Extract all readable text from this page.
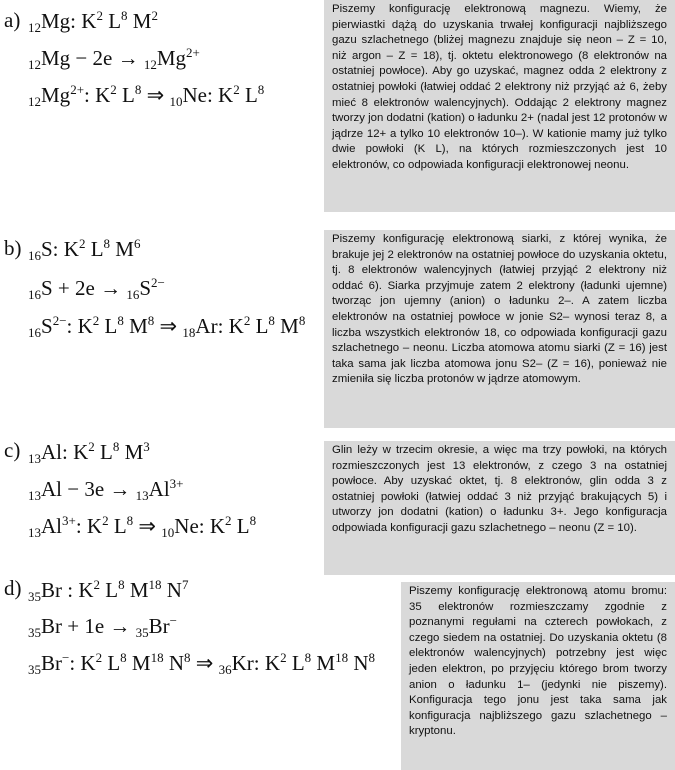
a) $_{12}$Mg: $K^2$ $L^8$ $M^2$
$_{12}Mg - 2e \to _{12}Mg^{2+}$
$_{12}Mg^{2+}$: $K^2$ $L^8$ ⇒ $_{10}$Ne: $K^2$ $L^8$
Piszemy konfigurację elektronową magnezu. Wiemy, że pierwiastki dążą do uzyskania trwałej konfiguracji najbliższego gazu szlachetnego (bliżej magnezu znajduje się neon – Z = 10, niż argon – Z = 18), tj. oktetu elektronowego (8 elektronów na ostatniej powłoce). Aby go uzyskać, magnez odda 2 elektrony z ostatniej powłoki (łatwiej oddać 2 elektrony niż przyjąć aż 6, żeby mieć 8 elektronów walencyjnych). Oddając 2 elektrony magnez tworzy jon dodatni (kation) o ładunku 2+ (nadal jest 12 protonów w jądrze 12+ a tylko 10 elektronów 10–). W kationie mamy już tylko dwie powłoki (K L), na których rozmieszczonych jest 10 elektronów, co odpowiada konfiguracji elektronowej neonu.
b) $_{16}$S: $K^2$ $L^8$ $M^6$
$_{16}S + 2e \to _{16}S^{2-}$
$_{16}S^{2-}$: $K^2$ $L^8$ $M^8$ ⇒ $_{18}$Ar: $K^2$ $L^8$ $M^8$
Piszemy konfigurację elektronową siarki, z której wynika, że brakuje jej 2 elektronów na ostatniej powłoce do uzyskania oktetu, tj. 8 elektronów walencyjnych (łatwiej przyjąć 2 elektrony niż oddać 6). Siarka przyjmuje zatem 2 elektrony (ładunki ujemne) tworząc jon ujemny (anion) o ładunku 2–. A zatem liczba elektronów na ostatniej powłoce w jonie S2– wynosi teraz 8, a liczba wszystkich elektronów 18, co odpowiada konfiguracji gazu szlachetnego – neonu. Liczba atomowa atomu siarki (Z = 16) jest taka sama jak liczba atomowa jonu S2– (Z = 16), ponieważ nie zmieniła się liczba protonów w jądrze atomowym.
c) $_{13}$Al: $K^2$ $L^8$ $M^3$
$_{13}Al - 3e \to _{13}Al^{3+}$
$_{13}Al^{3+}$: $K^2$ $L^8$ ⇒ $_{10}$Ne: $K^2$ $L^8$
Glin leży w trzecim okresie, a więc ma trzy powłoki, na których rozmieszczonych jest 13 elektronów, z czego 3 na ostatniej powłoce. Aby uzyskać oktet, tj. 8 elektronów, glin odda 3 z ostatniej powłoki (łatwiej oddać 3 niż przyjąć brakujących 5) i utworzy jon dodatni (kation) o ładunku 3+. Jego konfiguracja odpowiada konfiguracji gazu szlachetnego – neonu (Z = 10).
d) $_{35}$Br : $K^2$ $L^8$ $M^{18}$ $N^7$
$_{35}$Br + 1e → $_{35}$Br−
$_{35}$Br−: $K^2$ $L^8$ $M^{18}$ $N^8$ ⇒ $_{36}$Kr: $K^2$ $L^8$ $M^{18}$ $N^8$
Piszemy konfigurację elektronową atomu bromu: 35 elektronów rozmieszczamy zgodnie z poznanymi regułami na czterech powłokach, z czego siedem na ostatniej. Do uzyskania oktetu (8 elektronów walencyjnych) potrzebny jest więc jeden elektron, po przyjęciu którego brom tworzy anion o ładunku 1– (jedynki nie piszemy). Konfiguracja tego jonu jest taka sama jak konfiguracja najbliższego gazu szlachetnego – kryptonu.
